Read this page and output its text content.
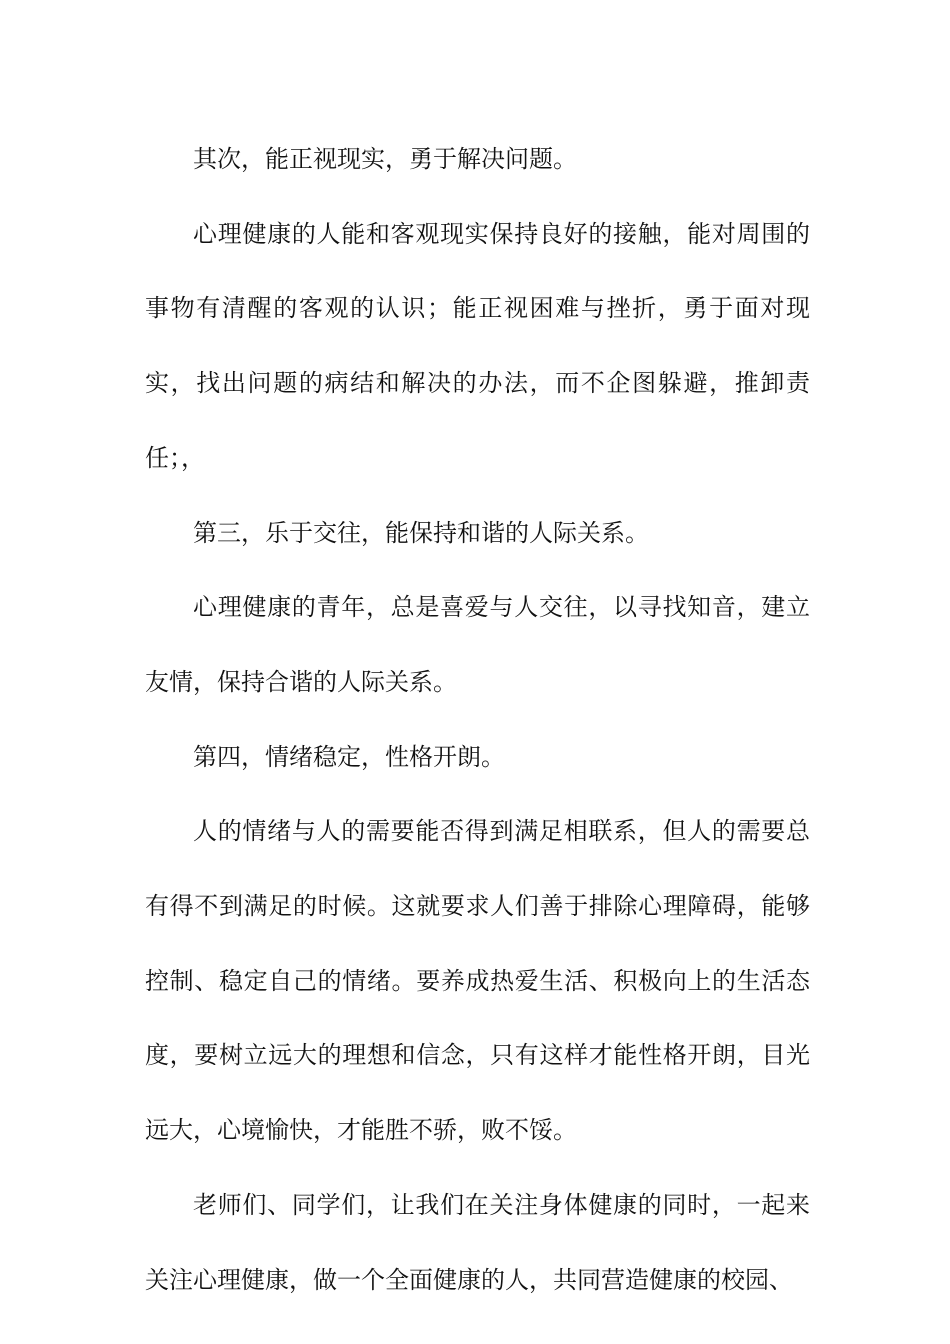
其次，能正视现实，勇于解决问题。

心理健康的人能和客观现实保持良好的接触，能对周围的事物有清醒的客观的认识；能正视困难与挫折，勇于面对现实，找出问题的病结和解决的办法，而不企图躲避，推卸责任；，

第三，乐于交往，能保持和谐的人际关系。

心理健康的青年，总是喜爱与人交往，以寻找知音，建立友情，保持合谐的人际关系。

第四，情绪稳定，性格开朗。

人的情绪与人的需要能否得到满足相联系，但人的需要总有得不到满足的时候。这就要求人们善于排除心理障碍，能够控制、稳定自己的情绪。要养成热爱生活、积极向上的生活态度，要树立远大的理想和信念，只有这样才能性格开朗，目光远大，心境愉快，才能胜不骄，败不馁。

老师们、同学们，让我们在关注身体健康的同时，一起来关注心理健康，做一个全面健康的人，共同营造健康的校园、
